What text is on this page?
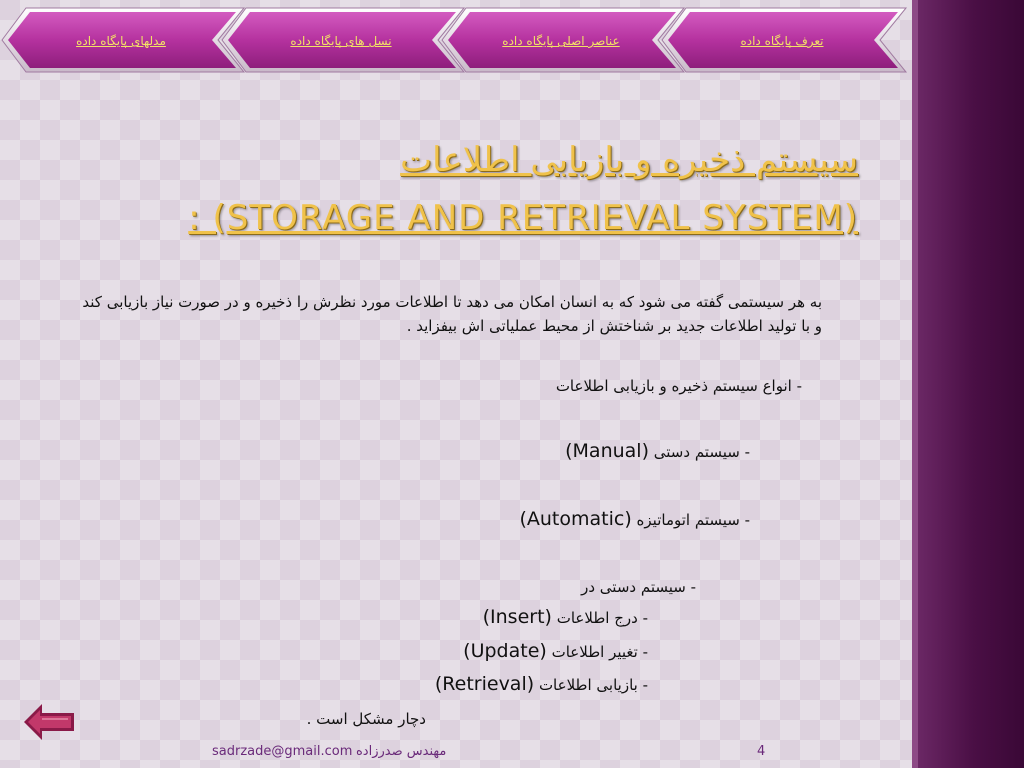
تعرف پایگاه داده
عناصر اصلی پایگاه داده
نسل های پایگاه داده
مدلهای پایگاه داده
سیستم ذخیره و بازیابی اطلاعات
: (STORAGE AND RETRIEVAL SYSTEM)
به هر سیستمی گفته می شود که به انسان امکان می دهد تا اطلاعات مورد نظرش را ذخیره و در صورت نیاز بازیابی کند و با تولید اطلاعات جدید بر شناختش از محیط عملیاتی اش بیفزاید .
- انواع سیستم ذخیره و بازیابی اطلاعات
- سیستم دستی (Manual)
- سیستم اتوماتیزه (Automatic)
- سیستم دستی در
- درج اطلاعات (Insert)
- تغییر اطلاعات (Update)
- بازیابی اطلاعات (Retrieval)
دچار مشکل است .
sadrzade@gmail.com مهندس صدرزاده	4
